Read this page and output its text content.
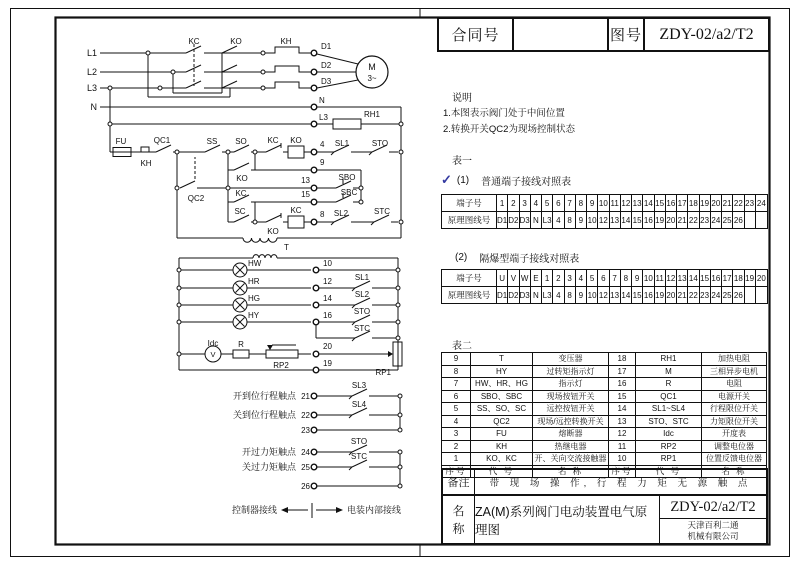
L1
L2
L3
N
KC	KO	KH
D1
D2
D3
M
3~
N
L3	RH1
FU
KH
QC1
QC2
SS SO	KC KO 4 SL1	STO
KO
9
13	SBO
15	SBC
KC
SC
KO
KC 8 SL2	STC
T
HW
HR
HG
HY
10
12	SL1
14	SL2
16	STO
STC
Idc
V
R
RP2
20
RP1
19
开到位行程触点 21
SL3
关到位行程触点 22
SL4
23
开过力矩触点 24
STO
关过力矩触点 25
STC
26
控制器接线	电装内部接线
合同号	图号	ZDY-02/a2/T2
说明
1.本图表示阀门处于中间位置
2.转换开关QC2为现场控制状态
表一
✓ (1) 普通端子接线对照表
端子号	1 2 3 4 5 6 7 8 9 10 11 12 13 14 15 16 17 18 19 20 21 22 23 24
原理图线号 D1 D2 D3 N L3 4 8 9 10 12 13 14 15 16 19 20 21 22 23 24 25 26
(2) 隔爆型端子接线对照表
端子号	U V W E 1 2 3 4 5 6 7 8 9 10 11 12 13 14 15 16 17 18 19 20
原理图线号 D1 D2 D3 N L3 4 8 9 10 12 13 14 15 16 19 20 21 22 23 24 25 26
表二
9	T	变压器	18	RH1	加热电阻
8	HY	过转矩指示灯	17	M	三相异步电机
7	HW、HR、HG	指示灯	16	R	电阻
6	SBO、SBC	现场按钮开关	15	QC1	电源开关
5	SS、SO、SC	远控按钮开关	14	SL1~SL4	行程限位开关
4	QC2	现场/远控转换开关	13	STO、STC	力矩限位开关
3	FU	熔断器	12	Idc	开度表
2	KH	热继电器	11	RP2	调整电位器
1	KO、KC	开、关向交流接触器	10	RP1	位置反馈电位器
序号	代 号	名 称	序号	代 号	名 称
备注	带 现 场 操 作, 行 程 力 矩 无 源 触 点
名
称
ZA(M)系列阀门电动装置电气原理图
ZDY-02/a2/T2
天津百利二通
机械有限公司
